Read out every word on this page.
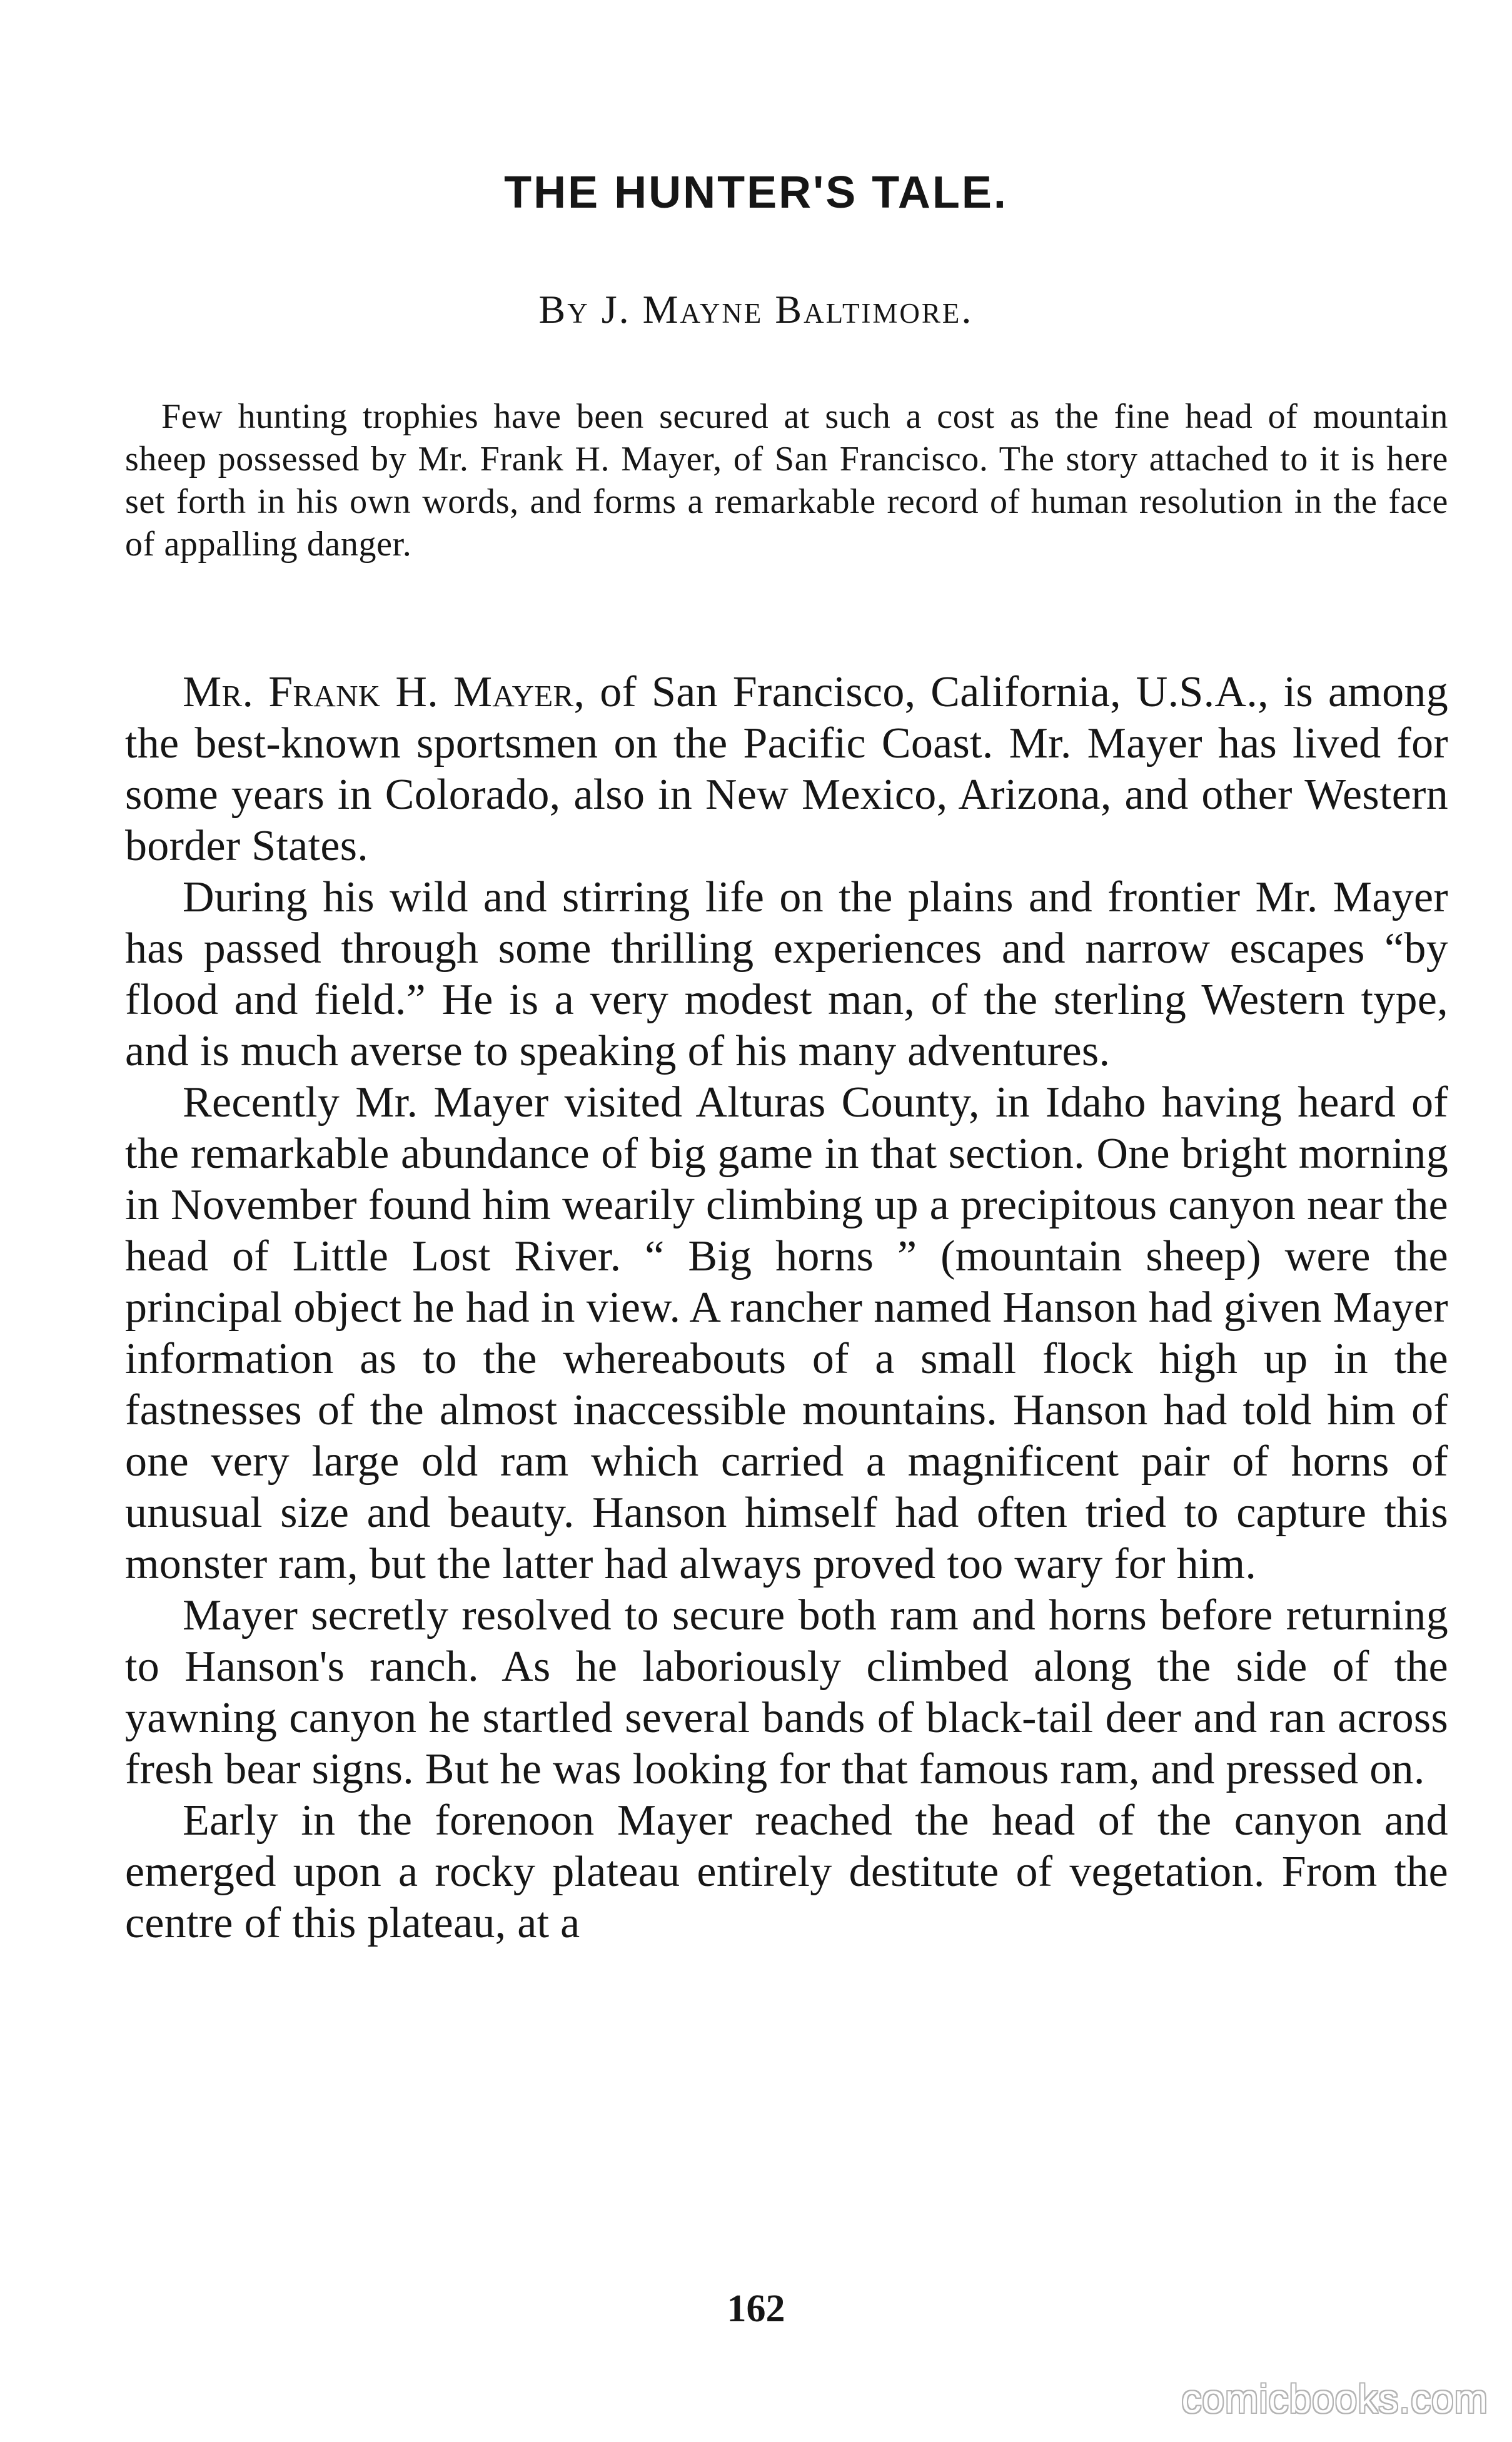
THE HUNTER'S TALE.
By J. Mayne Baltimore.

Few hunting trophies have been secured at such a cost as the fine head of mountain sheep possessed by Mr. Frank H. Mayer, of San Francisco. The story attached to it is here set forth in his own words, and forms a remarkable record of human resolution in the face of appalling danger.

Mr. Frank H. Mayer, of San Francisco, California, U.S.A., is among the best-known sportsmen on the Pacific Coast. Mr. Mayer has lived for some years in Colorado, also in New Mexico, Arizona, and other Western border States.

During his wild and stirring life on the plains and frontier Mr. Mayer has passed through some thrilling experiences and narrow escapes “by flood and field.” He is a very modest man, of the sterling Western type, and is much averse to speaking of his many adventures.

Recently Mr. Mayer visited Alturas County, in Idaho having heard of the remarkable abundance of big game in that section. One bright morning in November found him wearily climbing up a precipitous canyon near the head of Little Lost River. “ Big horns ” (mountain sheep) were the principal object he had in view. A rancher named Hanson had given Mayer information as to the whereabouts of a small flock high up in the fastnesses of the almost inaccessible mountains. Hanson had told him of one very large old ram which carried a magnificent pair of horns of unusual size and beauty. Hanson himself had often tried to capture this monster ram, but the latter had always proved too wary for him.

Mayer secretly resolved to secure both ram and horns before returning to Hanson's ranch. As he laboriously climbed along the side of the yawning canyon he startled several bands of black-tail deer and ran across fresh bear signs. But he was looking for that famous ram, and pressed on.

Early in the forenoon Mayer reached the head of the canyon and emerged upon a rocky plateau entirely destitute of vegetation. From the centre of this plateau, at a

162
comicbooks.com
